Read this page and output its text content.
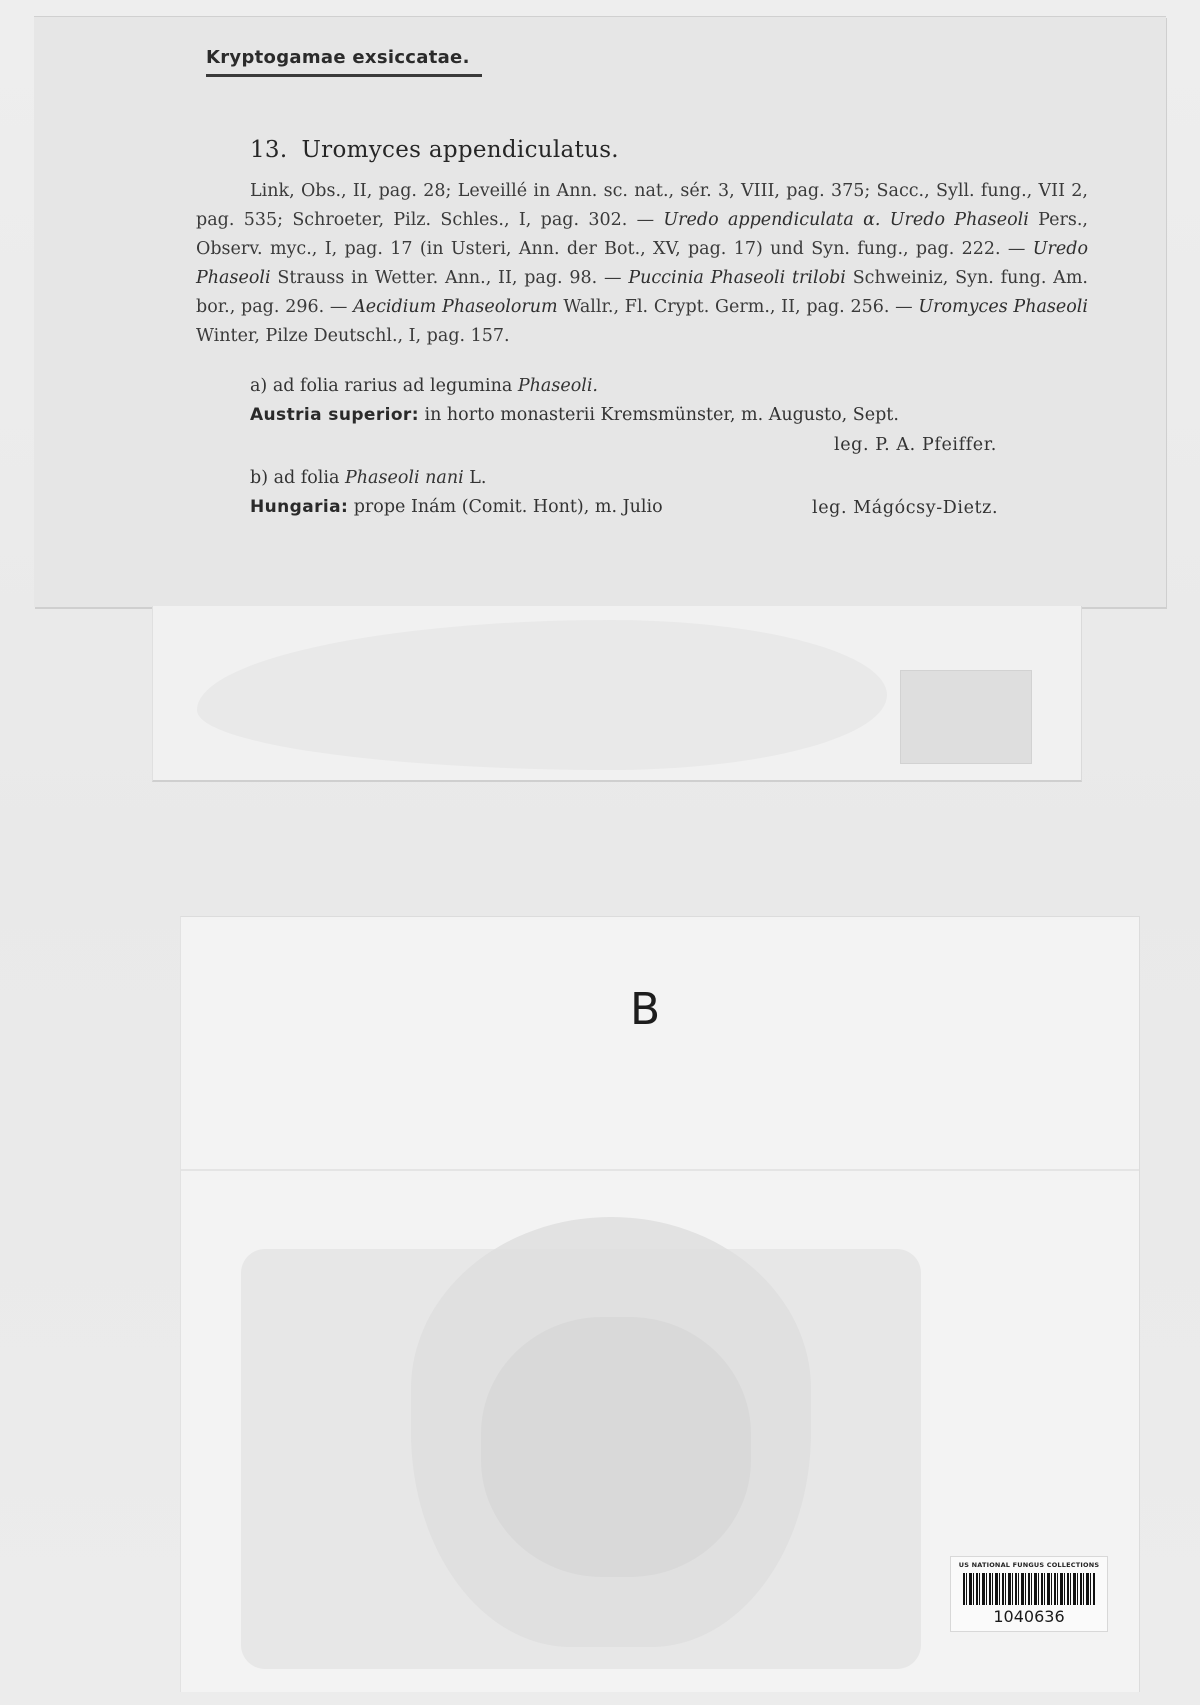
Kryptogamae exsiccatae.
13. Uromyces appendiculatus.

Link, Obs., II, pag. 28; Leveillé in Ann. sc. nat., sér. 3, VIII, pag. 375; Sacc., Syll. fung., VII 2, pag. 535; Schroeter, Pilz. Schles., I, pag. 302. — Uredo appendiculata α. Uredo Phaseoli Pers., Observ. myc., I, pag. 17 (in Usteri, Ann. der Bot., XV, pag. 17) und Syn. fung., pag. 222. — Uredo Phaseoli Strauss in Wetter. Ann., II, pag. 98. — Puccinia Phaseoli trilobi Schweiniz, Syn. fung. Am. bor., pag. 296. — Aecidium Phaseolorum Wallr., Fl. Crypt. Germ., II, pag. 256. — Uromyces Phaseoli Winter, Pilze Deutschl., I, pag. 157.

a) ad folia rarius ad legumina Phaseoli.
Austria superior: in horto monasterii Kremsmünster, m. Augusto, Sept.
leg. P. A. Pfeiffer.
b) ad folia Phaseoli nani L.
Hungaria: prope Inám (Comit. Hont), m. Julio	leg. Mágócsy-Dietz.
B
US NATIONAL FUNGUS COLLECTIONS
1040636
